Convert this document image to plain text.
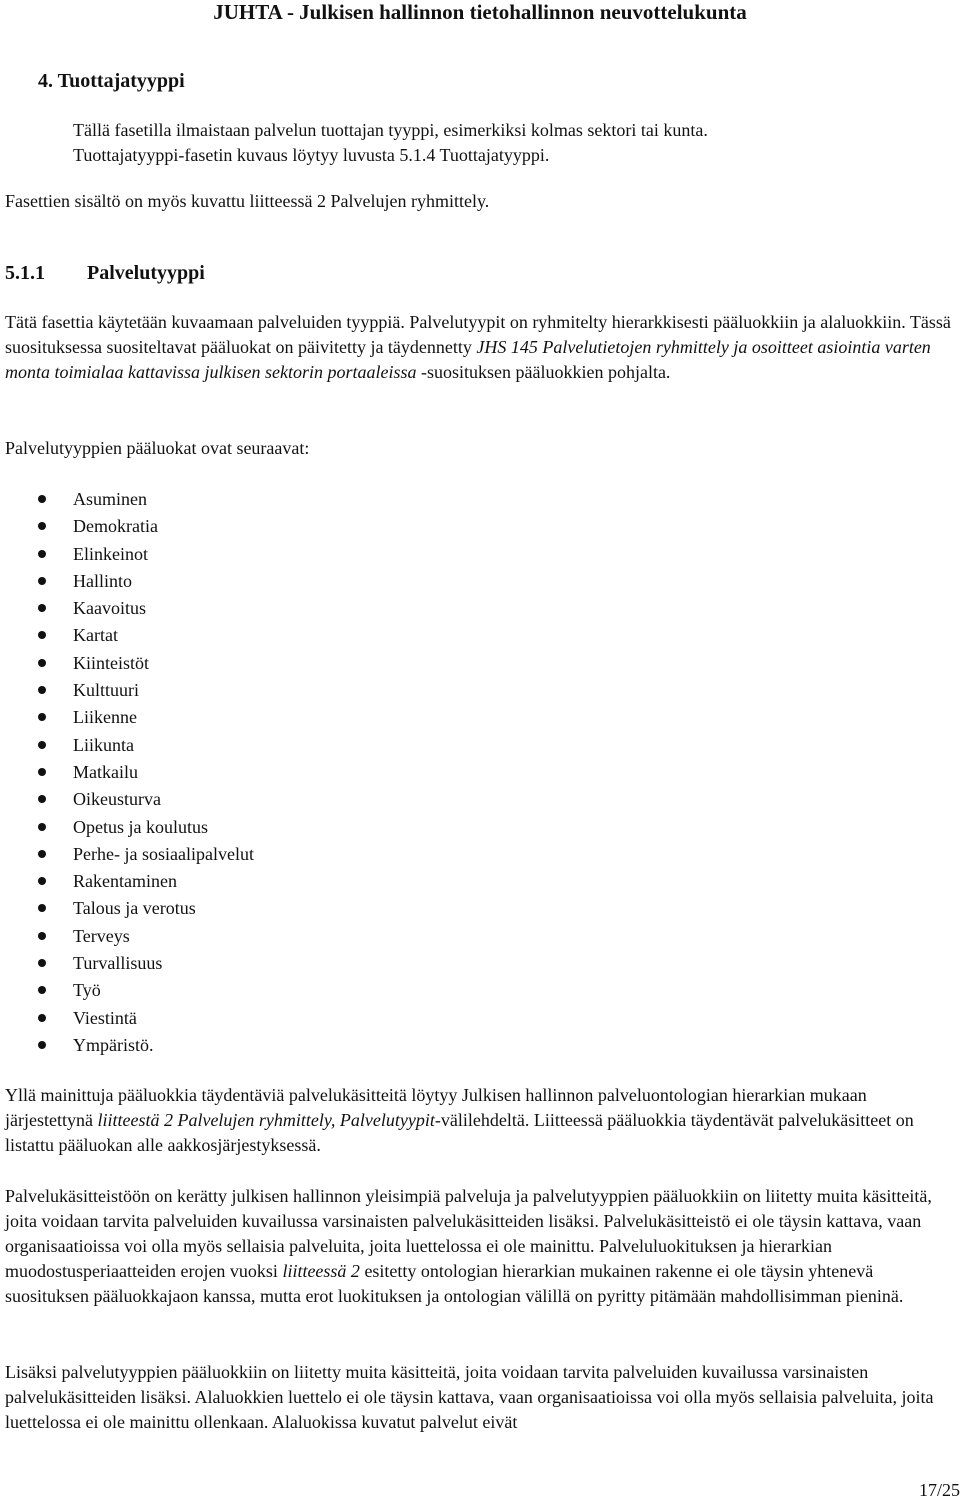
JUHTA - Julkisen hallinnon tietohallinnon neuvottelukunta
4. Tuottajatyyppi
Tällä fasetilla ilmaistaan palvelun tuottajan tyyppi, esimerkiksi kolmas sektori tai kunta.
Tuottajatyyppi-fasetin kuvaus löytyy luvusta 5.1.4 Tuottajatyyppi.
Fasettien sisältö on myös kuvattu liitteessä 2 Palvelujen ryhmittely.
5.1.1 Palvelutyyppi
Tätä fasettia käytetään kuvaamaan palveluiden tyyppiä. Palvelutyypit on ryhmitelty hierarkkisesti pääluokkiin ja alaluokkiin. Tässä suosituksessa suositeltavat pääluokat on päivitetty ja täydennetty JHS 145 Palvelutietojen ryhmittely ja osoitteet asiointia varten monta toimialaa kattavissa julkisen sektorin portaaleissa -suosituksen pääluokkien pohjalta.
Palvelutyyppien pääluokat ovat seuraavat:
Asuminen
Demokratia
Elinkeinot
Hallinto
Kaavoitus
Kartat
Kiinteistöt
Kulttuuri
Liikenne
Liikunta
Matkailu
Oikeusturva
Opetus ja koulutus
Perhe- ja sosiaalipalvelut
Rakentaminen
Talous ja verotus
Terveys
Turvallisuus
Työ
Viestintä
Ympäristö.
Yllä mainittuja pääluokkia täydentäviä palvelukäsitteitä löytyy Julkisen hallinnon palveluontologian hierarkian mukaan järjestettynä liitteestä 2 Palvelujen ryhmittely, Palvelutyypit-välilehdeltä. Liitteessä pääluokkia täydentävät palvelukäsitteet on listattu pääluokan alle aakkosjärjestyksessä.
Palvelukäsitteistöön on kerätty julkisen hallinnon yleisimpiä palveluja ja palvelutyyppien pääluokkiin on liitetty muita käsitteitä, joita voidaan tarvita palveluiden kuvailussa varsinaisten palvelukäsitteiden lisäksi. Palvelukäsitteistö ei ole täysin kattava, vaan organisaatioissa voi olla myös sellaisia palveluita, joita luettelossa ei ole mainittu. Palveluluokituksen ja hierarkian muodostusperiaatteiden erojen vuoksi liitteessä 2 esitetty ontologian hierarkian mukainen rakenne ei ole täysin yhtenevä suosituksen pääluokkajaon kanssa, mutta erot luokituksen ja ontologian välillä on pyritty pitämään mahdollisimman pieninä.
Lisäksi palvelutyyppien pääluokkiin on liitetty muita käsitteitä, joita voidaan tarvita palveluiden kuvailussa varsinaisten palvelukäsitteiden lisäksi. Alaluokkien luettelo ei ole täysin kattava, vaan organisaatioissa voi olla myös sellaisia palveluita, joita luettelossa ei ole mainittu ollenkaan. Alaluokissa kuvatut palvelut eivät
17/25
